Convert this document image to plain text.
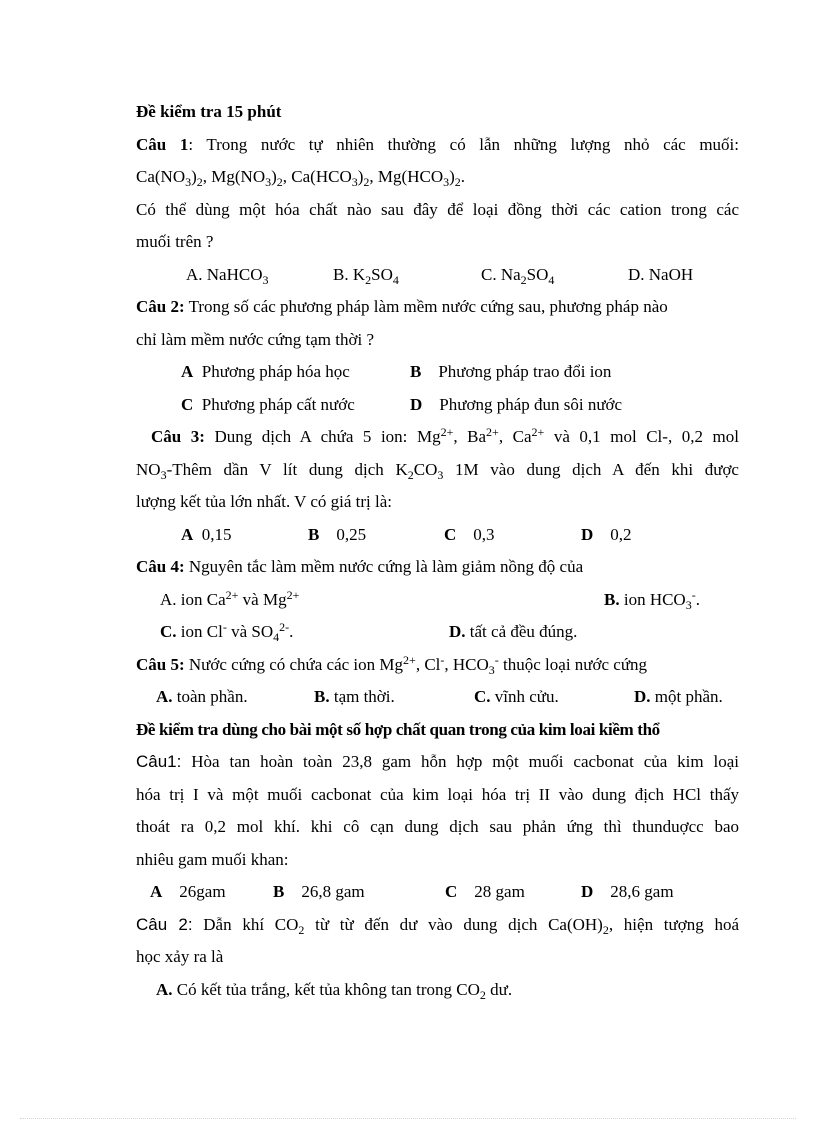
Đề kiểm tra 15 phút
Câu 1: Trong nước tự nhiên thường có lẫn những lượng nhỏ các muối:
$Ca(NO_3)_2$, $Mg(NO_3)_2$, $Ca(HCO_3)_2$, $Mg(HCO_3)_2$.
Có thể dùng một hóa chất nào sau đây để loại đồng thời các cation trong các
muối trên ?
A. NaHCO$_3$	B. $K_2SO_4$	C. $Na_2SO_4$	D. NaOH
Câu 2: Trong số các phương pháp làm mềm nước cứng sau, phương pháp nào
chỉ làm mềm nước cứng tạm thời ?
A Phương pháp hóa học	B Phương pháp trao đổi ion
C Phương pháp cất nước	D Phương pháp đun sôi nước
Câu 3: Dung dịch A chứa 5 ion: $Mg^{2+}$, $Ba^{2+}$, $Ca^{2+}$ và 0,1 mol Cl-, 0,2 mol
$NO_3$-Thêm dần V lít dung dịch $K_2CO_3$ 1M vào dung dịch A đến khi được
lượng kết tủa lớn nhất. V có giá trị là:
A 0,15	B 0,25	C 0,3	D 0,2
Câu 4: Nguyên tắc làm mềm nước cứng là làm giảm nồng độ của
A. ion $Ca^{2+}$ và $Mg^{2+}$	B. ion $HCO_3^-$.
C. ion Cl- và $SO_4^{2-}$.	D. tất cả đều đúng.
Câu 5: Nước cứng có chứa các ion $Mg^{2+}$, Cl-, $HCO_3^-$ thuộc loại nước cứng
A. toàn phần.	B. tạm thời.	C. vĩnh cửu.	D. một phần.
Đề kiểm tra dùng cho bài một số hợp chất quan trong của kim loai kiềm thổ
Câu1: Hòa tan hoàn toàn 23,8 gam hỗn hợp một muối cacbonat của kim loại
hóa trị I và một muối cacbonat của kim loại hóa trị II vào dung địch HCl thấy
thoát ra 0,2 mol khí. khi cô cạn dung dịch sau phản ứng thì thunduợcc bao
nhiêu gam muối khan:
A 26gam	B 26,8 gam	C 28 gam	D 28,6 gam
Câu 2: Dẫn khí $CO_2$ từ từ đến dư vào dung dịch $Ca(OH)_2$, hiện tượng hoá
học xảy ra là
A. Có kết tủa trắng, kết tủa không tan trong $CO_2$ dư.
